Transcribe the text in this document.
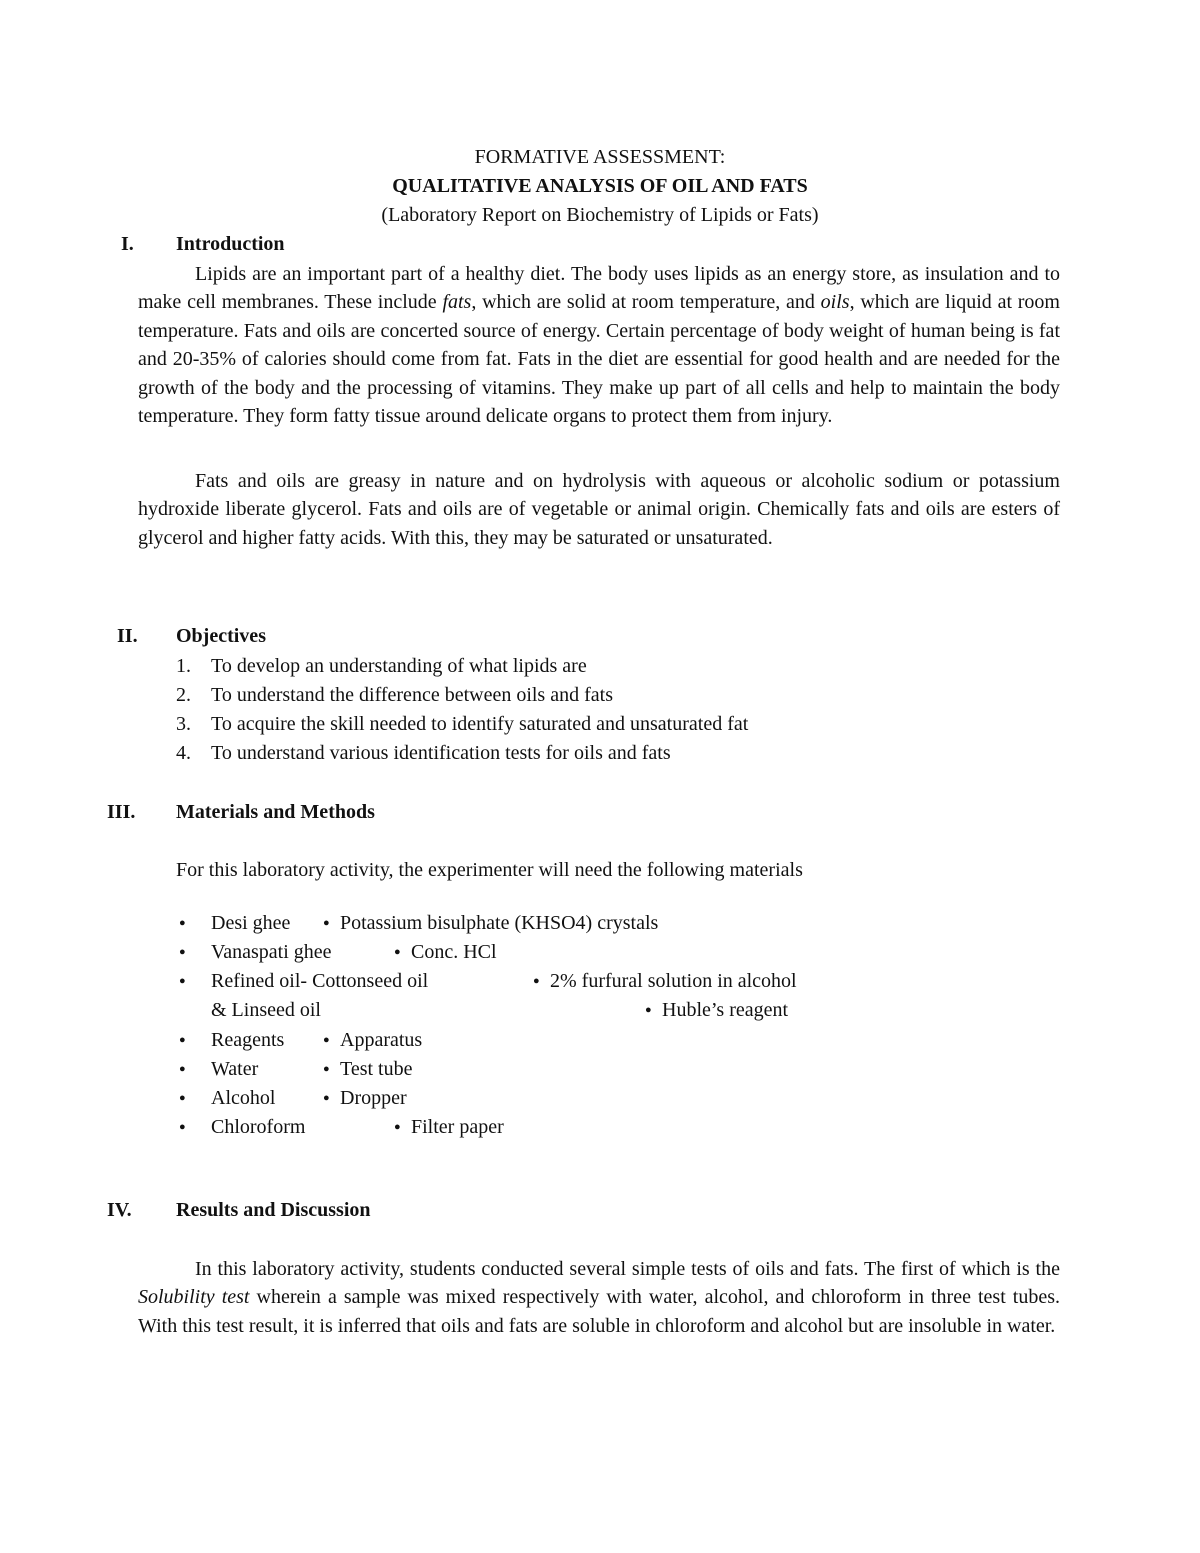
FORMATIVE ASSESSMENT:
QUALITATIVE ANALYSIS OF OIL AND FATS
(Laboratory Report on Biochemistry of Lipids or Fats)
I. Introduction
Lipids are an important part of a healthy diet. The body uses lipids as an energy store, as insulation and to make cell membranes. These include fats, which are solid at room temperature, and oils, which are liquid at room temperature. Fats and oils are concerted source of energy. Certain percentage of body weight of human being is fat and 20-35% of calories should come from fat. Fats in the diet are essential for good health and are needed for the growth of the body and the processing of vitamins. They make up part of all cells and help to maintain the body temperature. They form fatty tissue around delicate organs to protect them from injury.
Fats and oils are greasy in nature and on hydrolysis with aqueous or alcoholic sodium or potassium hydroxide liberate glycerol. Fats and oils are of vegetable or animal origin. Chemically fats and oils are esters of glycerol and higher fatty acids. With this, they may be saturated or unsaturated.
II. Objectives
1. To develop an understanding of what lipids are
2. To understand the difference between oils and fats
3. To acquire the skill needed to identify saturated and unsaturated fat
4. To understand various identification tests for oils and fats
III. Materials and Methods
For this laboratory activity, the experimenter will need the following materials
●
Desi ghee ● Potassium bisulphate (KHSO4) crystals
●
Vanaspati ghee ●	Conc. HCl
●
Refined oil- Cottonseed oil ●	2% furfural solution in alcohol
& Linseed oil ●	Huble’s reagent
●
Reagents ●	Apparatus
●
Water ●	Test tube
●
Alcohol ●	Dropper
●
Chloroform ●	Filter paper
IV. Results and Discussion
In this laboratory activity, students conducted several simple tests of oils and fats. The first of which is the Solubility test wherein a sample was mixed respectively with water, alcohol, and chloroform in three test tubes. With this test result, it is inferred that oils and fats are soluble in chloroform and alcohol but are insoluble in water.
